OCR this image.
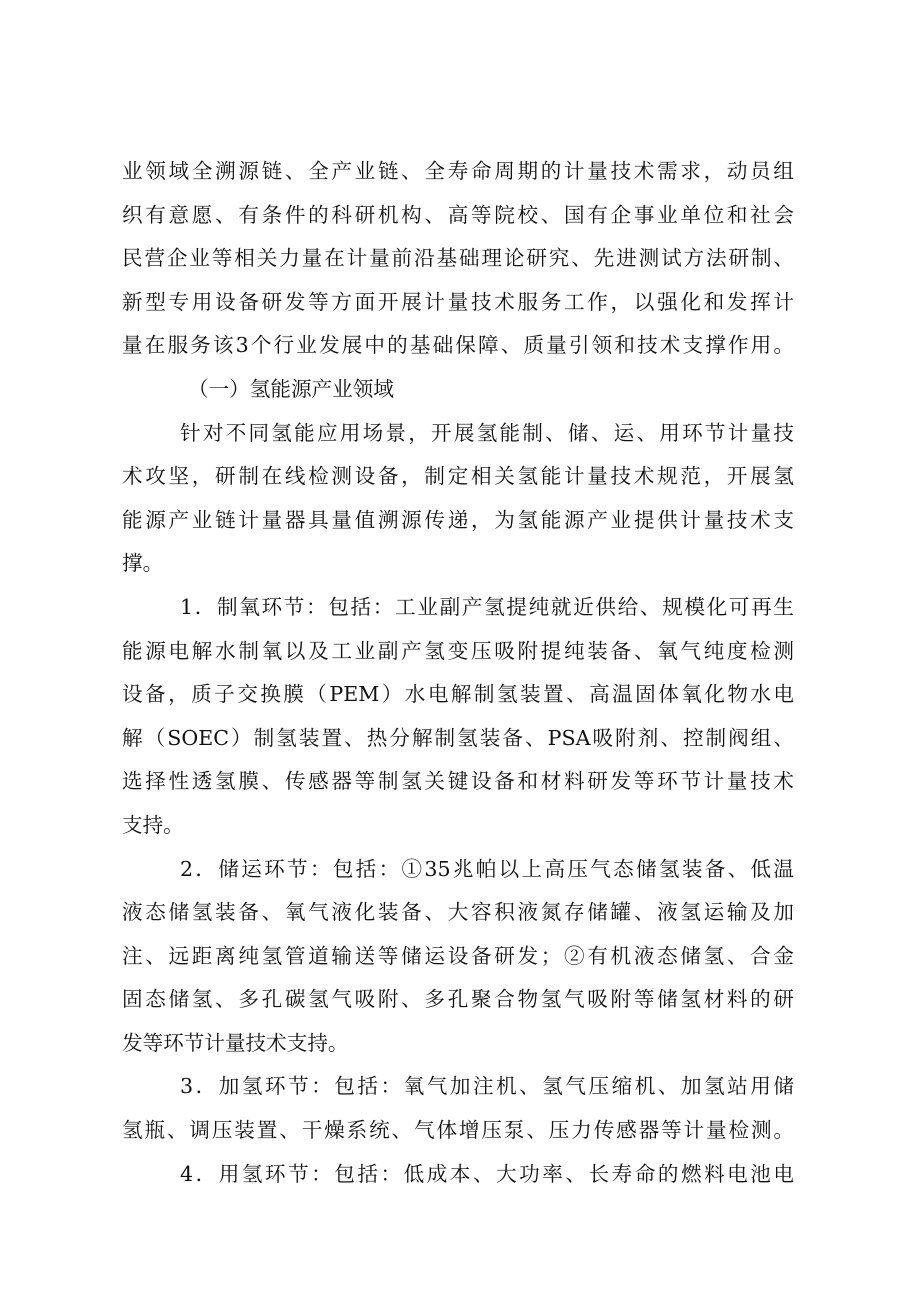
业领域全溯源链、全产业链、全寿命周期的计量技术需求，动员组
织有意愿、有条件的科研机构、高等院校、国有企事业单位和社会
民营企业等相关力量在计量前沿基础理论研究、先进测试方法研制、
新型专用设备研发等方面开展计量技术服务工作，以强化和发挥计
量在服务该3个行业发展中的基础保障、质量引领和技术支撑作用。
（一）氢能源产业领域
针对不同氢能应用场景，开展氢能制、储、运、用环节计量技
术攻坚，研制在线检测设备，制定相关氢能计量技术规范，开展氢
能源产业链计量器具量值溯源传递，为氢能源产业提供计量技术支
撑。
1．制氧环节：包括：工业副产氢提纯就近供给、规模化可再生
能源电解水制氧以及工业副产氢变压吸附提纯装备、氧气纯度检测
设备，质子交换膜（PEM）水电解制氢装置、高温固体氧化物水电
解（SOEC）制氢装置、热分解制氢装备、PSA吸附剂、控制阀组、
选择性透氢膜、传感器等制氢关键设备和材料研发等环节计量技术
支持。
2．储运环节：包括：①35兆帕以上高压气态储氢装备、低温
液态储氢装备、氧气液化装备、大容积液氮存储罐、液氢运输及加
注、远距离纯氢管道输送等储运设备研发；②有机液态储氢、合金
固态储氢、多孔碳氢气吸附、多孔聚合物氢气吸附等储氢材料的研
发等环节计量技术支持。
3．加氢环节：包括：氧气加注机、氢气压缩机、加氢站用储
氢瓶、调压装置、干燥系统、气体增压泵、压力传感器等计量检测。
4．用氢环节：包括：低成本、大功率、长寿命的燃料电池电
